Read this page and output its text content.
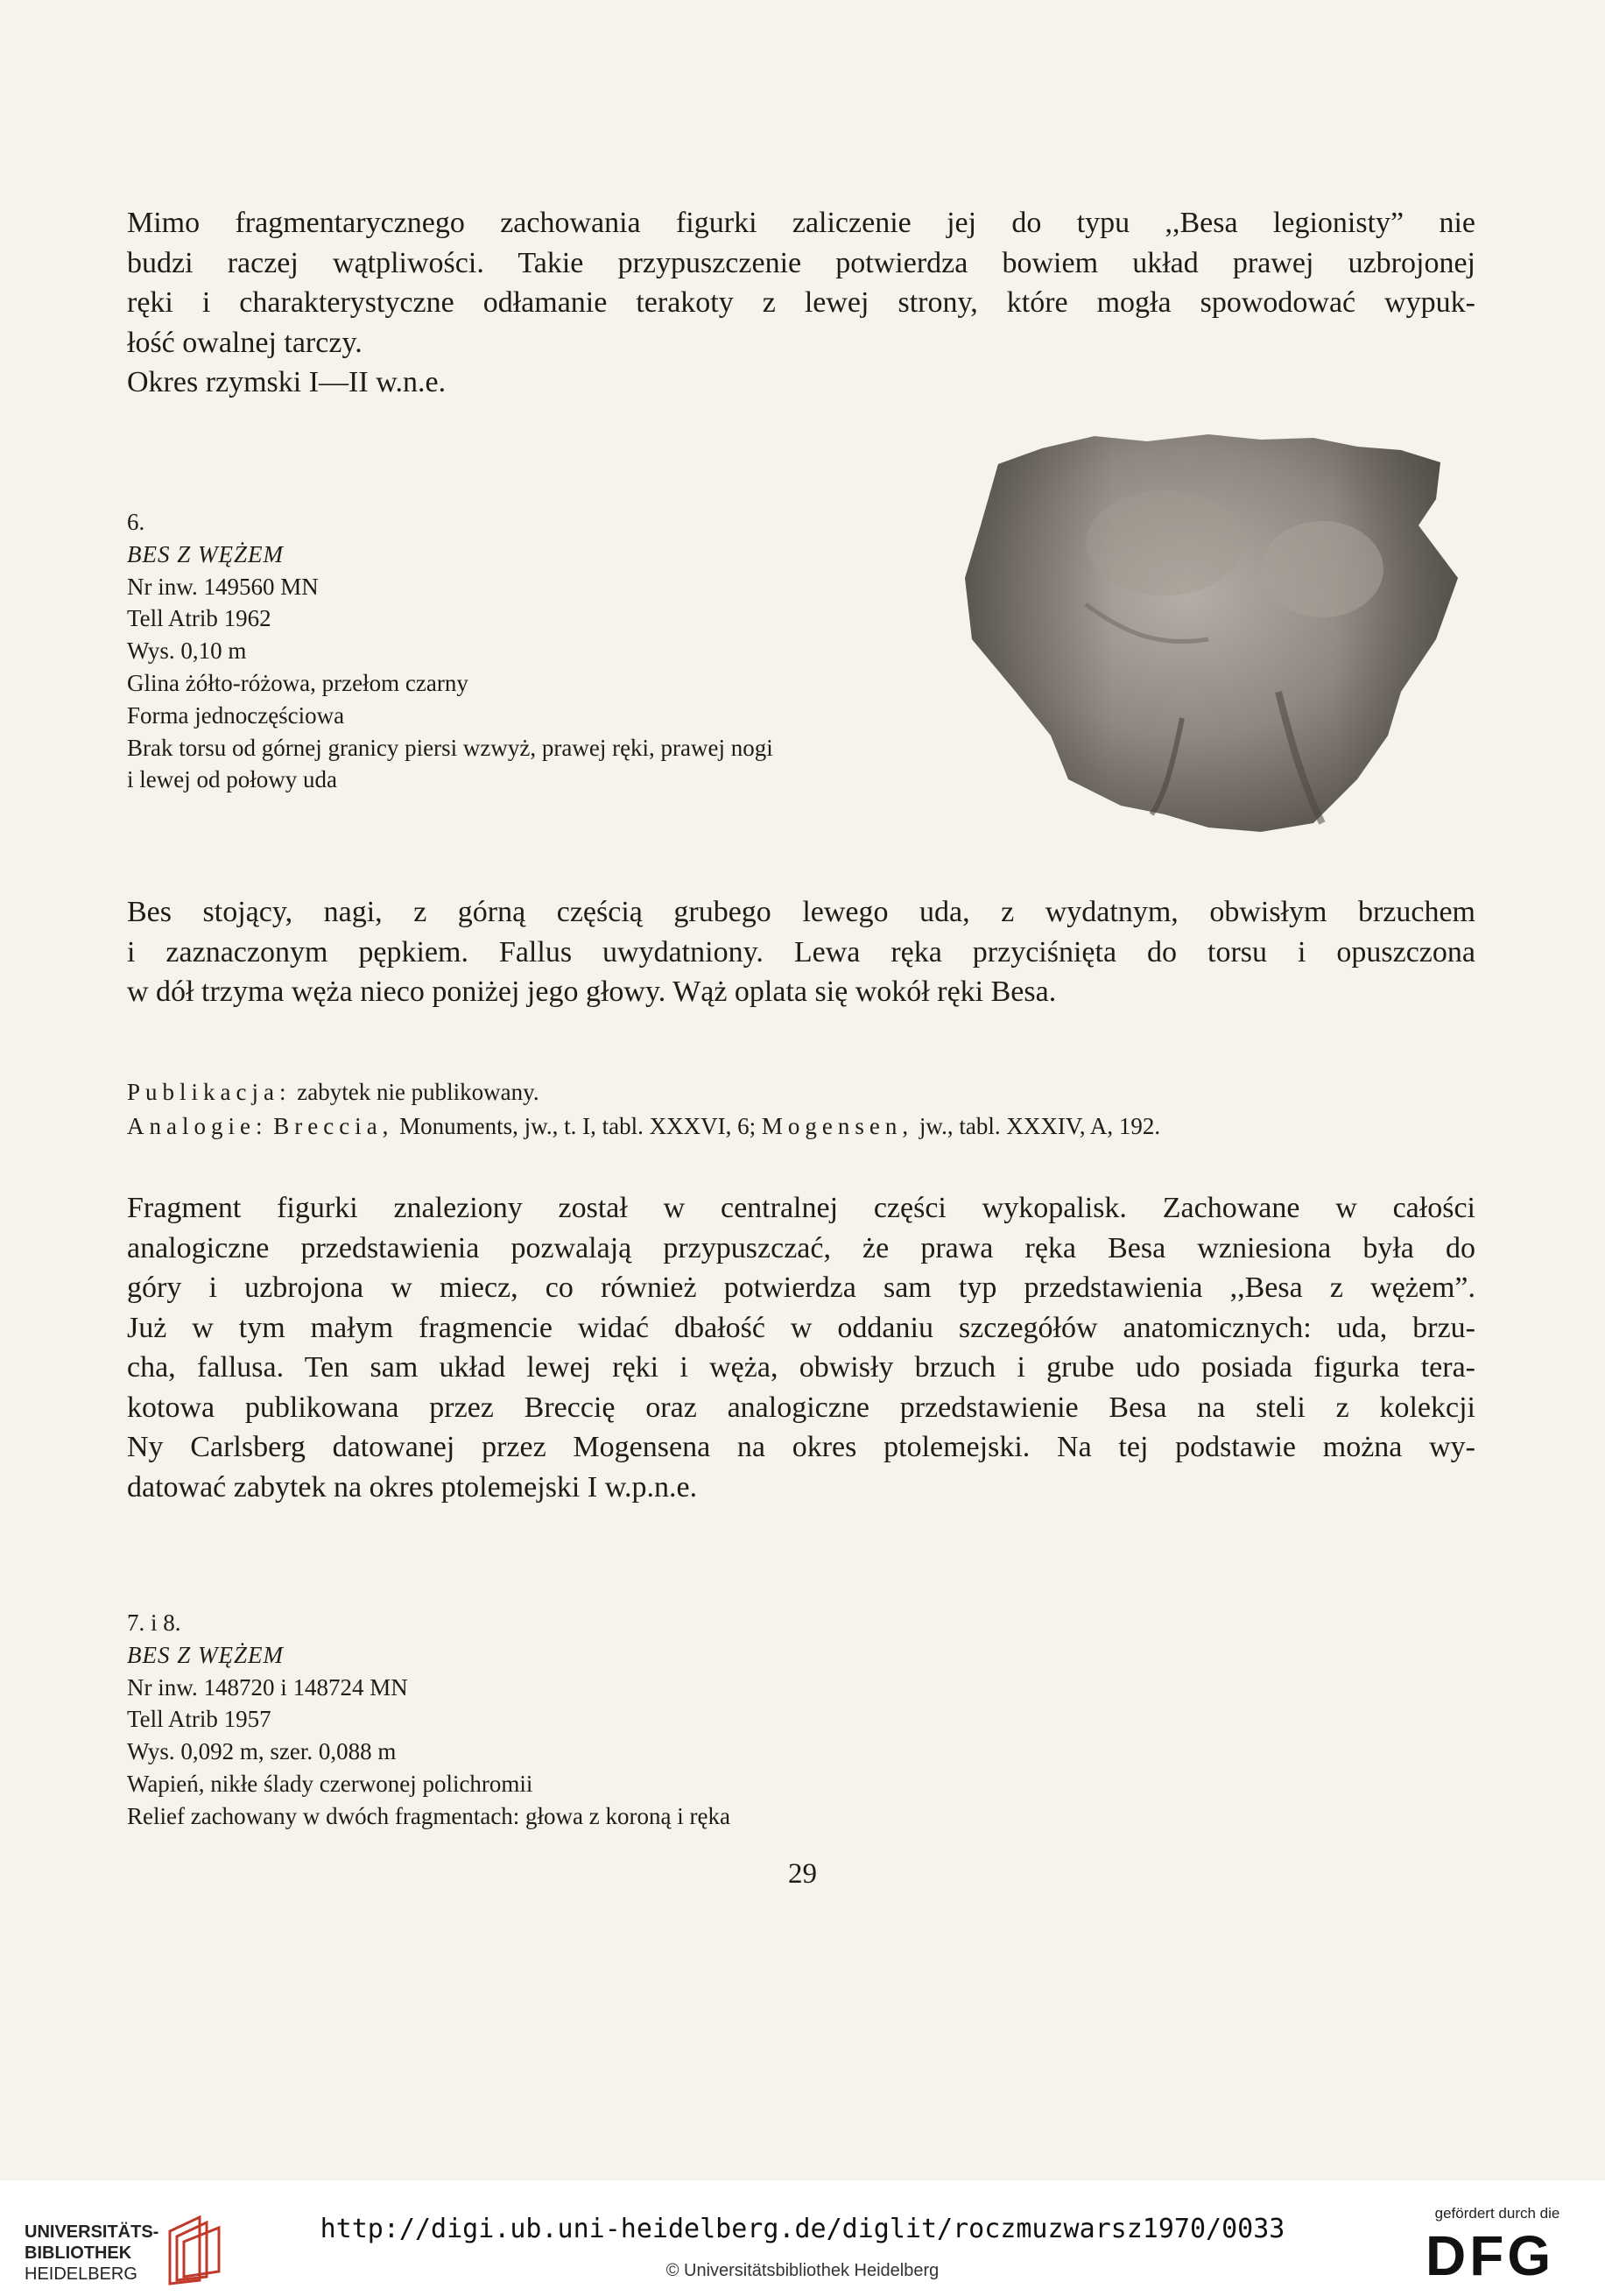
Mimo fragmentarycznego zachowania figurki zaliczenie jej do typu ,,Besa legionisty” nie
budzi raczej wątpliwości. Takie przypuszczenie potwierdza bowiem układ prawej uzbrojonej
ręki i charakterystyczne odłamanie terakoty z lewej strony, które mogła spowodować wypuk-
łość owalnej tarczy.
Okres rzymski I—II w.n.e.

6.
BES Z WĘŻEM
Nr inw. 149560 MN
Tell Atrib 1962
Wys. 0,10 m
Glina żółto-różowa, przełom czarny
Forma jednoczęściowa
Brak torsu od górnej granicy piersi wzwyż, prawej ręki, prawej nogi
i lewej od połowy uda

Bes stojący, nagi, z górną częścią grubego lewego uda, z wydatnym, obwisłym brzuchem
i zaznaczonym pępkiem. Fallus uwydatniony. Lewa ręka przyciśnięta do torsu i opuszczona
w dół trzyma węża nieco poniżej jego głowy. Wąż oplata się wokół ręki Besa.

Publikacja: zabytek nie publikowany.
Analogie: Breccia, Monuments, jw., t. I, tabl. XXXVI, 6; Mogensen, jw., tabl. XXXIV, A, 192.

Fragment figurki znaleziony został w centralnej części wykopalisk. Zachowane w całości
analogiczne przedstawienia pozwalają przypuszczać, że prawa ręka Besa wzniesiona była do
góry i uzbrojona w miecz, co również potwierdza sam typ przedstawienia ,,Besa z wężem”.
Już w tym małym fragmencie widać dbałość w oddaniu szczegółów anatomicznych: uda, brzu-
cha, fallusa. Ten sam układ lewej ręki i węża, obwisły brzuch i grube udo posiada figurka tera-
kotowa publikowana przez Breccię oraz analogiczne przedstawienie Besa na steli z kolekcji
Ny Carlsberg datowanej przez Mogensena na okres ptolemejski. Na tej podstawie można wy-
datować zabytek na okres ptolemejski I w.p.n.e.

7. i 8.
BES Z WĘŻEM
Nr inw. 148720 i 148724 MN
Tell Atrib 1957
Wys. 0,092 m, szer. 0,088 m
Wapień, nikłe ślady czerwonej polichromii
Relief zachowany w dwóch fragmentach: głowa z koroną i ręka
29
UNIVERSITÄTS-
BIBLIOTHEK
HEIDELBERG
http://digi.ub.uni-heidelberg.de/diglit/roczmuzwarsz1970/0033
© Universitätsbibliothek Heidelberg
gefördert durch die
DFG
